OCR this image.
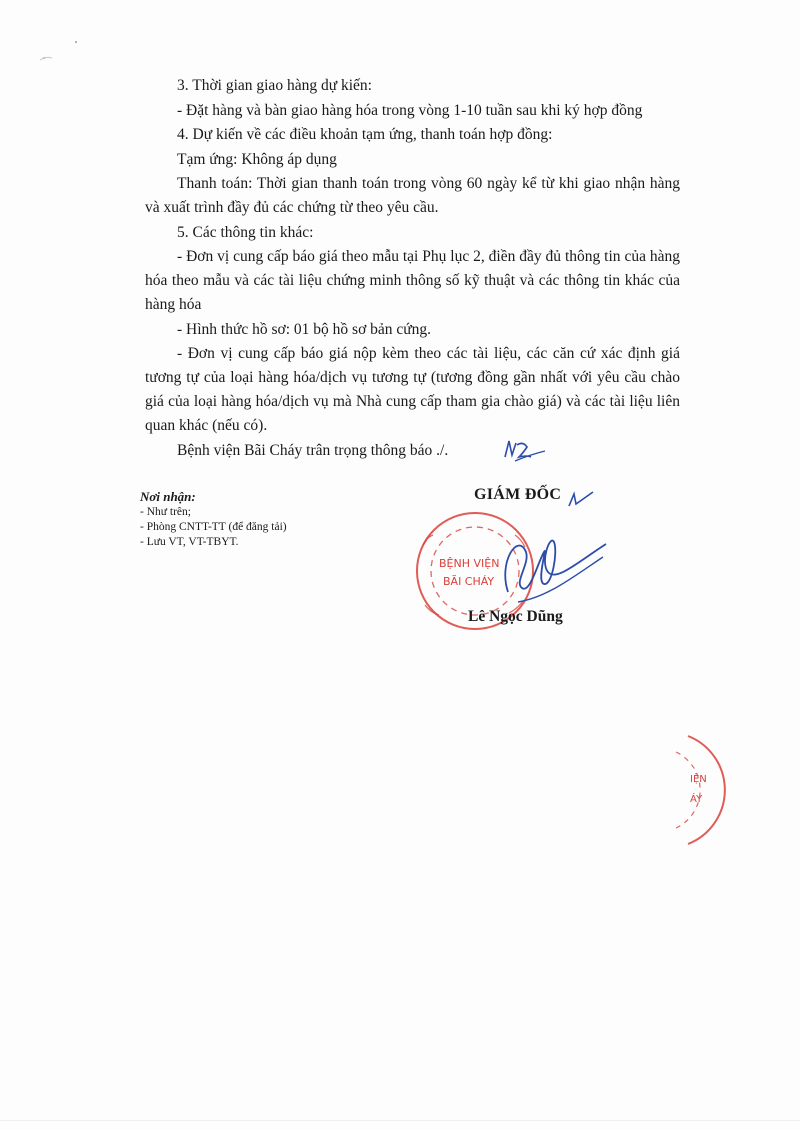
3. Thời gian giao hàng dự kiến:

- Đặt hàng và bàn giao hàng hóa trong vòng 1-10 tuần sau khi ký hợp đồng

4. Dự kiến về các điều khoản tạm ứng, thanh toán hợp đồng:

Tạm ứng: Không áp dụng

Thanh toán: Thời gian thanh toán trong vòng 60 ngày kể từ khi giao nhận hàng và xuất trình đầy đủ các chứng từ theo yêu cầu.

5. Các thông tin khác:

- Đơn vị cung cấp báo giá theo mẫu tại Phụ lục 2, điền đầy đủ thông tin của hàng hóa theo mẫu và các tài liệu chứng minh thông số kỹ thuật và các thông tin khác của hàng hóa

- Hình thức hồ sơ: 01 bộ hồ sơ bản cứng.

- Đơn vị cung cấp báo giá nộp kèm theo các tài liệu, các căn cứ xác định giá tương tự của loại hàng hóa/dịch vụ tương tự (tương đồng gần nhất với yêu cầu chào giá của loại hàng hóa/dịch vụ mà Nhà cung cấp tham gia chào giá) và các tài liệu liên quan khác (nếu có).

Bệnh viện Bãi Cháy trân trọng thông báo ./.

Nơi nhận:
- Như trên;
- Phòng CNTT-TT (để đăng tải)
- Lưu VT, VT-TBYT.
GIÁM ĐỐC
BỆNH VIỆN
BÃI CHÁY
Lê Ngọc Dũng
IỆN
ÁY
